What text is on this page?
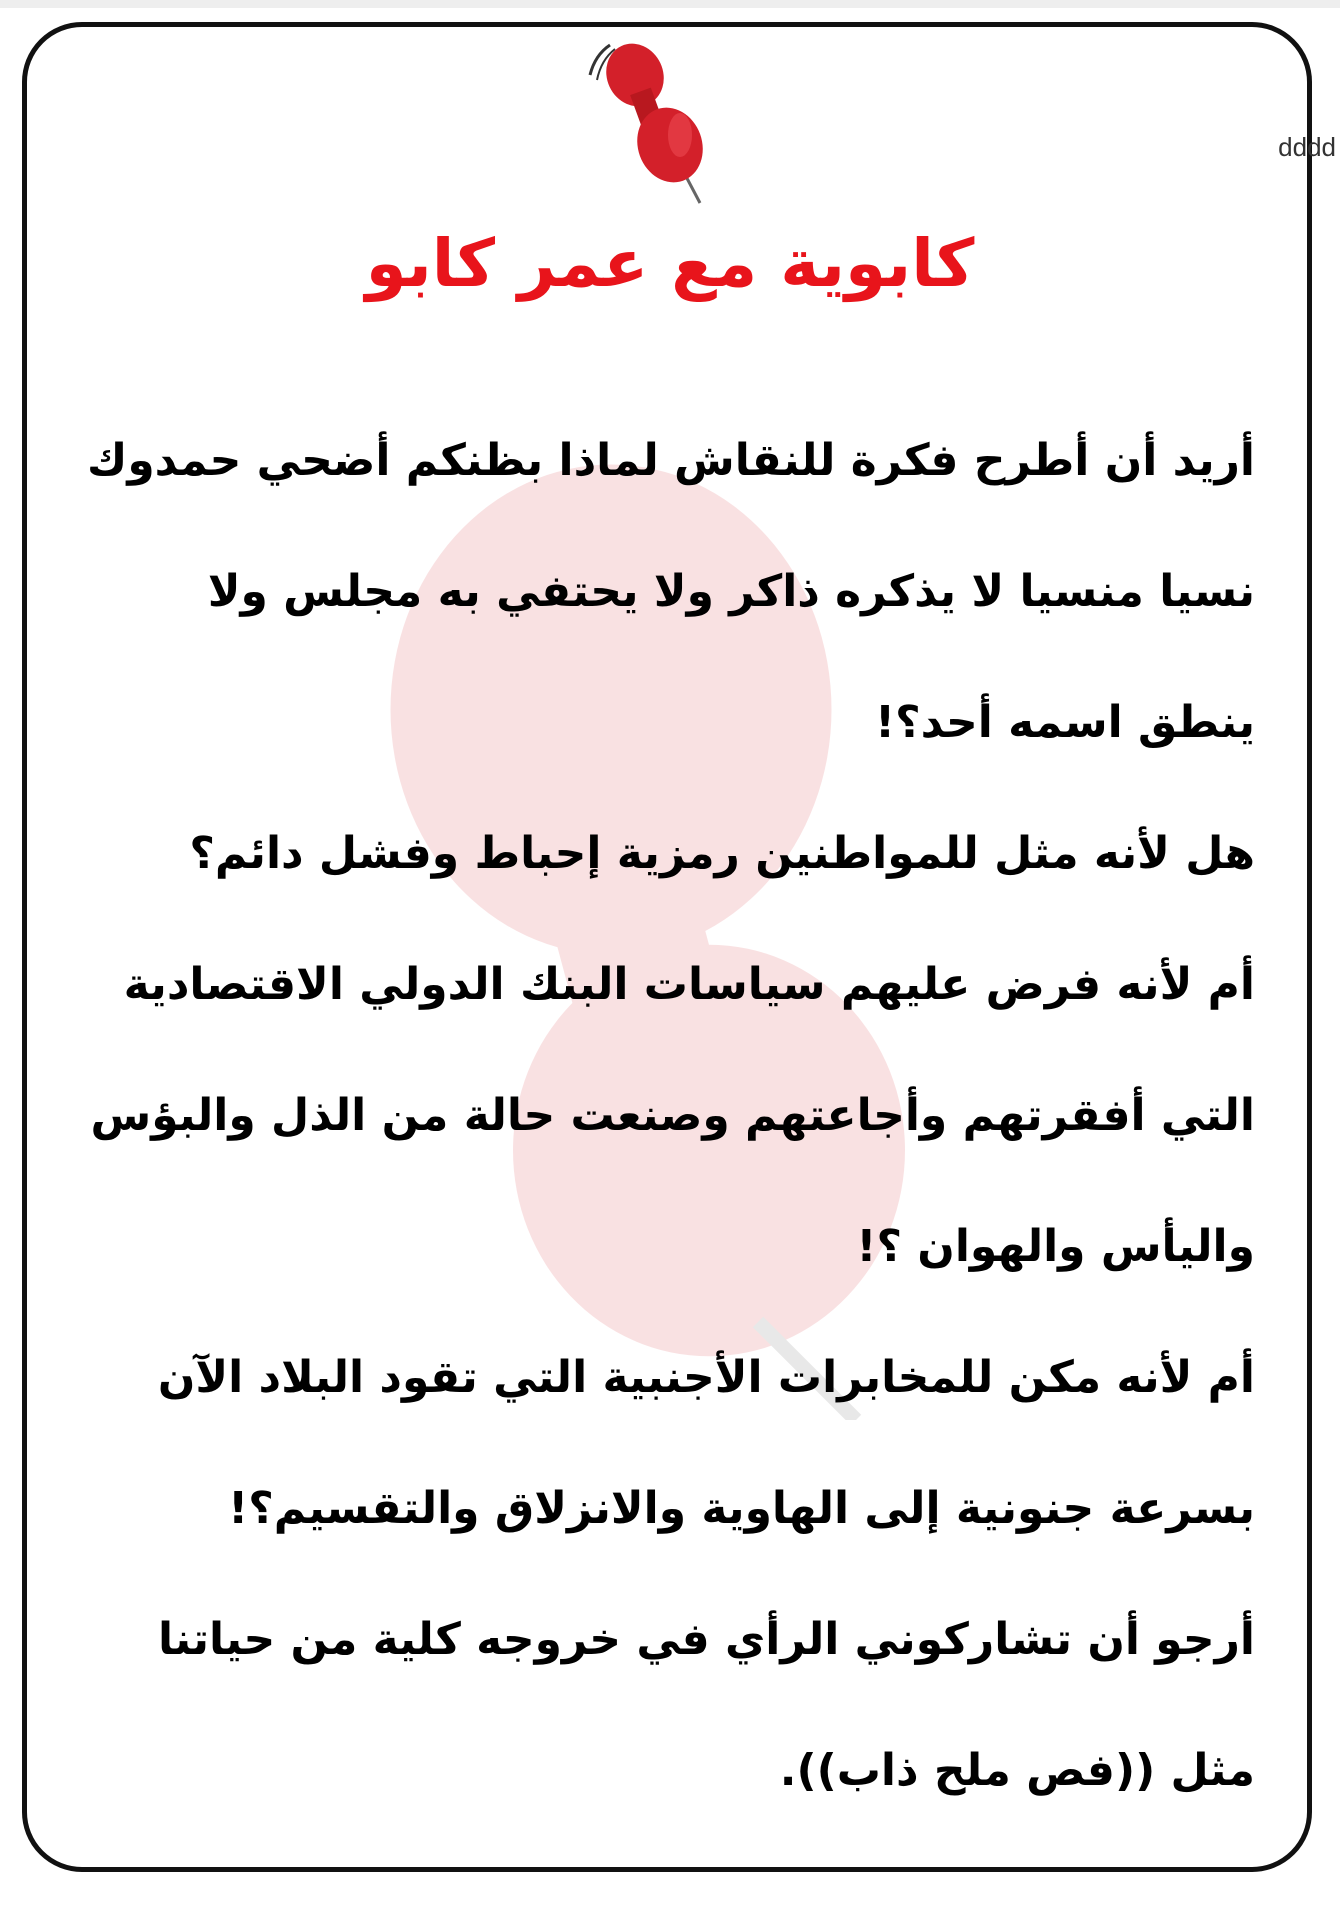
dddd
كابوية مع عمر كابو
أريد أن أطرح فكرة للنقاش لماذا بظنكم أضحي حمدوك
نسيا منسيا لا يذكره ذاكر ولا يحتفي به مجلس ولا
ينطق اسمه أحد؟!
هل لأنه مثل للمواطنين رمزية إحباط وفشل دائم؟
أم لأنه فرض عليهم سياسات البنك الدولي الاقتصادية
التي أفقرتهم وأجاعتهم وصنعت حالة من الذل والبؤس
واليأس والهوان ؟!
أم لأنه مكن للمخابرات الأجنبية التي تقود البلاد الآن
بسرعة جنونية إلى الهاوية والانزلاق والتقسيم؟!
أرجو أن تشاركوني الرأي في خروجه كلية من حياتنا
مثل ((فص ملح ذاب)).
